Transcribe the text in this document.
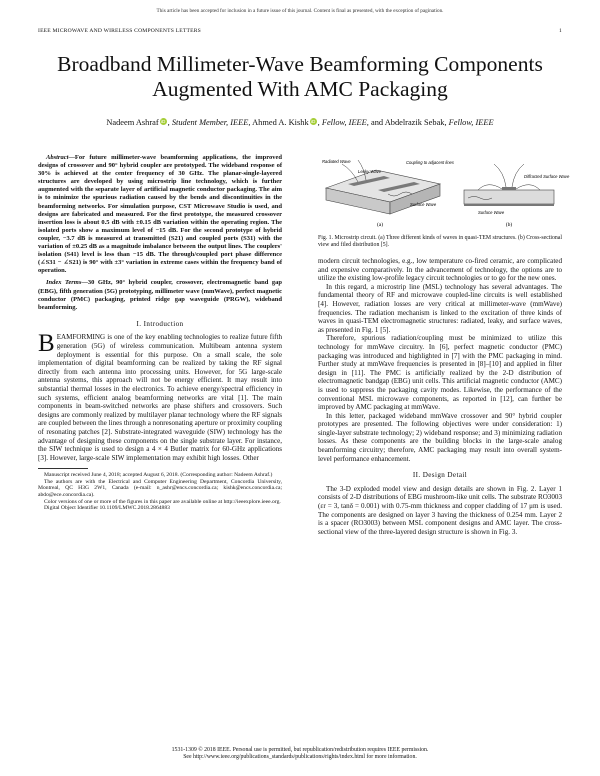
This article has been accepted for inclusion in a future issue of this journal. Content is final as presented, with the exception of pagination.
IEEE MICROWAVE AND WIRELESS COMPONENTS LETTERS	1
Broadband Millimeter-Wave Beamforming Components Augmented With AMC Packaging
Nadeem Ashraf iD , Student Member, IEEE, Ahmed A. Kishk iD , Fellow, IEEE, and Abdelrazik Sebak, Fellow, IEEE

Abstract—For future millimeter-wave beamforming applications, the improved designs of crossover and 90° hybrid coupler are prototyped. The wideband response of 30% is achieved at the center frequency of 30 GHz. The planar-single-layered structures are developed by using microstrip line technology, which is further augmented with the separate layer of artificial magnetic conductor packaging. The aim is to minimize the spurious radiation caused by the bends and discontinuities in the beamforming networks. For simulation purpose, CST Microwave Studio is used, and designs are fabricated and measured. For the first prototype, the measured crossover insertion loss is about 0.5 dB with ±0.15 dB variation within the operating region. The isolated ports show a maximum level of −15 dB. For the second prototype of hybrid coupler, −3.7 dB is measured at transmitted (S21) and coupled ports (S31) with the variation of ±0.25 dB as a magnitude imbalance between the output lines. The couplers' isolation (S41) level is less than −15 dB. The through/coupled port phase difference (∠S31 − ∠S21) is 90° with ±3° variation in extreme cases within the frequency band of operation.

Index Terms—30 GHz, 90° hybrid coupler, crossover, electromagnetic band gap (EBG), fifth generation (5G) prototyping, millimeter wave (mmWave), perfect magnetic conductor (PMC) packaging, printed ridge gap waveguide (PRGW), wideband beamforming.

I. Introduction

BEAMFORMING is one of the key enabling technologies to realize future fifth generation (5G) of wireless communication. Multibeam antenna system deployment is essential for this purpose. On a small scale, the sole implementation of digital beamforming can be realized by taking the RF signal directly from each antenna into processing units. However, for 5G large-scale antenna systems, this approach will not be energy efficient. It may result into substantial thermal losses in the electronics. To achieve energy/spectral efficiency in such systems, efficient analog beamforming networks are vital [1]. The main components in beam-switched networks are phase shifters and crossovers. Such designs are commonly realized by multilayer planar technology where the RF signals are coupled between the lines through a nonresonating aperture or proximity coupling of resonating patches [2]. Substrate-integrated waveguide (SIW) technology has the advantage of designing these components on the single substrate layer. For instance, the SIW technique is used to design a 4 × 4 Butler matrix for 60-GHz applications [3]. However, large-scale SIW implementation may exhibit high losses. Other

Manuscript received June 4, 2018; accepted August 6, 2018. (Corresponding author: Nadeem Ashraf.)

The authors are with the Electrical and Computer Engineering Department, Concordia University, Montreal, QC H3G 2W1, Canada (e-mail: n_ashr@encs.concordia.ca; kishk@encs.concordia.ca; abdo@ece.concordia.ca).

Color versions of one or more of the figures in this paper are available online at http://ieeexplore.ieee.org.

Digital Object Identifier 10.1109/LMWC.2018.2864883

Radiated Wave
Leaky Wave
Coupling to adjacent lines
Surface Wave
(a)
Diffracted Surface Wave
Surface Wave
(b)

Fig. 1. Microstrip circuit. (a) Three different kinds of waves in quasi-TEM structures. (b) Cross-sectional view and filed distribution [5].

modern circuit technologies, e.g., low temperature co-fired ceramic, are complicated and expensive comparatively. In the advancement of technology, the options are to utilize the existing low-profile legacy circuit technologies or to go for the new ones.

In this regard, a microstrip line (MSL) technology has several advantages. The fundamental theory of RF and microwave coupled-line circuits is well established [4]. However, radiation losses are very critical at millimeter-wave (mmWave) frequencies. The radiation mechanism is linked to the excitation of three kinds of waves in quasi-TEM electromagnetic structures: radiated, leaky, and surface waves, as presented in Fig. 1 [5].

Therefore, spurious radiation/coupling must be minimized to utilize this technology for mmWave circuitry. In [6], perfect magnetic conductor (PMC) packaging was introduced and highlighted in [7] with the PMC packaging in mind. Further study at mmWave frequencies is presented in [8]–[10] and applied in filter design in [11]. The PMC is artificially realized by the 2-D distribution of electromagnetic bandgap (EBG) unit cells. This artificial magnetic conductor (AMC) is used to suppress the packaging cavity modes. Likewise, the performance of the conventional MSL microwave components, as reported in [12], can further be improved by AMC packaging at mmWave.

In this letter, packaged wideband mmWave crossover and 90° hybrid coupler prototypes are presented. The following objectives were under consideration: 1) single-layer substrate technology; 2) wideband response; and 3) minimizing radiation losses. As these components are the building blocks in the large-scale analog beamforming circuitry; therefore, AMC packaging may result into overall system-level performance enhancement.

II. Design Detail

The 3-D exploded model view and design details are shown in Fig. 2. Layer 1 consists of 2-D distributions of EBG mushroom-like unit cells. The substrate RO3003 (εr = 3, tanδ = 0.001) with 0.75-mm thickness and copper cladding of 17 μm is used. The components are designed on layer 3 having the thickness of 0.254 mm. Layer 2 is a spacer (RO3003) between MSL component designs and AMC layer. The cross-sectional view of the three-layered design structure is shown in Fig. 3.

1531-1309 © 2018 IEEE. Personal use is permitted, but republication/redistribution requires IEEE permission.
See http://www.ieee.org/publications_standards/publications/rights/index.html for more information.
